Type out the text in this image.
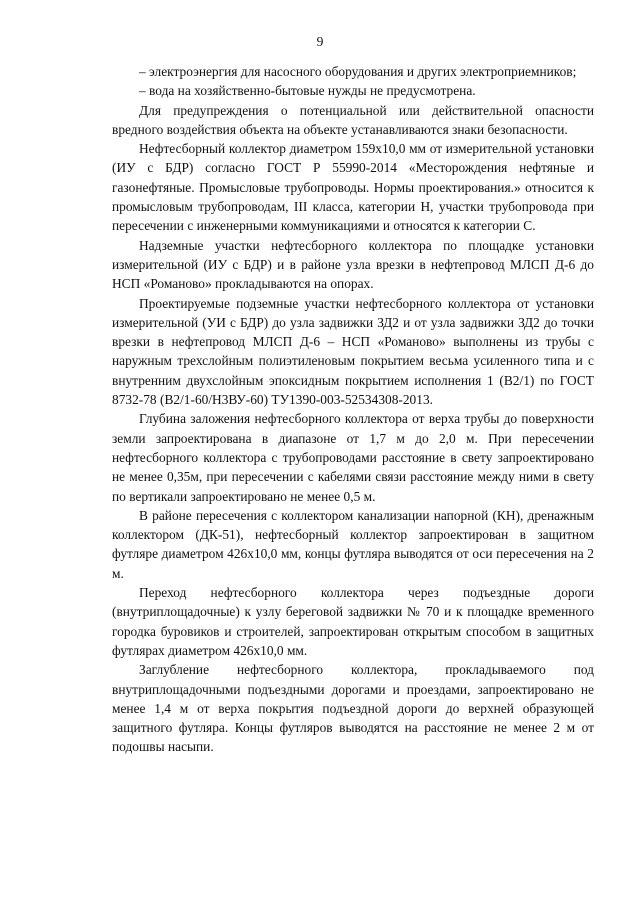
9

– электроэнергия для насосного оборудования и других электроприемников;

– вода на хозяйственно-бытовые нужды не предусмотрена.

Для предупреждения о потенциальной или действительной опасности вредного воздействия объекта на объекте устанавливаются знаки безопасности.

Нефтесборный коллектор диаметром 159x10,0 мм от измерительной установки (ИУ с БДР) согласно ГОСТ Р 55990-2014 «Месторождения нефтяные и газонефтяные. Промысловые трубопроводы. Нормы проектирования.» относится к промысловым трубопроводам, III класса, категории Н, участки трубопровода при пересечении с инженерными коммуникациями и относятся к категории С.

Надземные участки нефтесборного коллектора по площадке установки измерительной (ИУ с БДР) и в районе узла врезки в нефтепровод МЛСП Д-6 до НСП «Романово» прокладываются на опорах.

Проектируемые подземные участки нефтесборного коллектора от установки измерительной (УИ с БДР) до узла задвижки ЗД2 и от узла задвижки ЗД2 до точки врезки в нефтепровод МЛСП Д-6 – НСП «Романово» выполнены из трубы с наружным трехслойным полиэтиленовым покрытием весьма усиленного типа и с внутренним двухслойным эпоксидным покрытием исполнения 1 (В2/1) по ГОСТ 8732-78 (В2/1-60/Н3ВУ-60) ТУ1390-003-52534308-2013.

Глубина заложения нефтесборного коллектора от верха трубы до поверхности земли запроектирована в диапазоне от 1,7 м до 2,0 м. При пересечении нефтесборного коллектора с трубопроводами расстояние в свету запроектировано не менее 0,35м, при пересечении с кабелями связи расстояние между ними в свету по вертикали запроектировано не менее 0,5 м.

В районе пересечения с коллектором канализации напорной (КН), дренажным коллектором (ДК-51), нефтесборный коллектор запроектирован в защитном футляре диаметром 426x10,0 мм, концы футляра выводятся от оси пересечения на 2 м.

Переход нефтесборного коллектора через подъездные дороги (внутриплощадочные) к узлу береговой задвижки № 70 и к площадке временного городка буровиков и строителей, запроектирован открытым способом в защитных футлярах диаметром 426x10,0 мм.

Заглубление нефтесборного коллектора, прокладываемого под внутриплощадочными подъездными дорогами и проездами, запроектировано не менее 1,4 м от верха покрытия подъездной дороги до верхней образующей защитного футляра. Концы футляров выводятся на расстояние не менее 2 м от подошвы насыпи.
